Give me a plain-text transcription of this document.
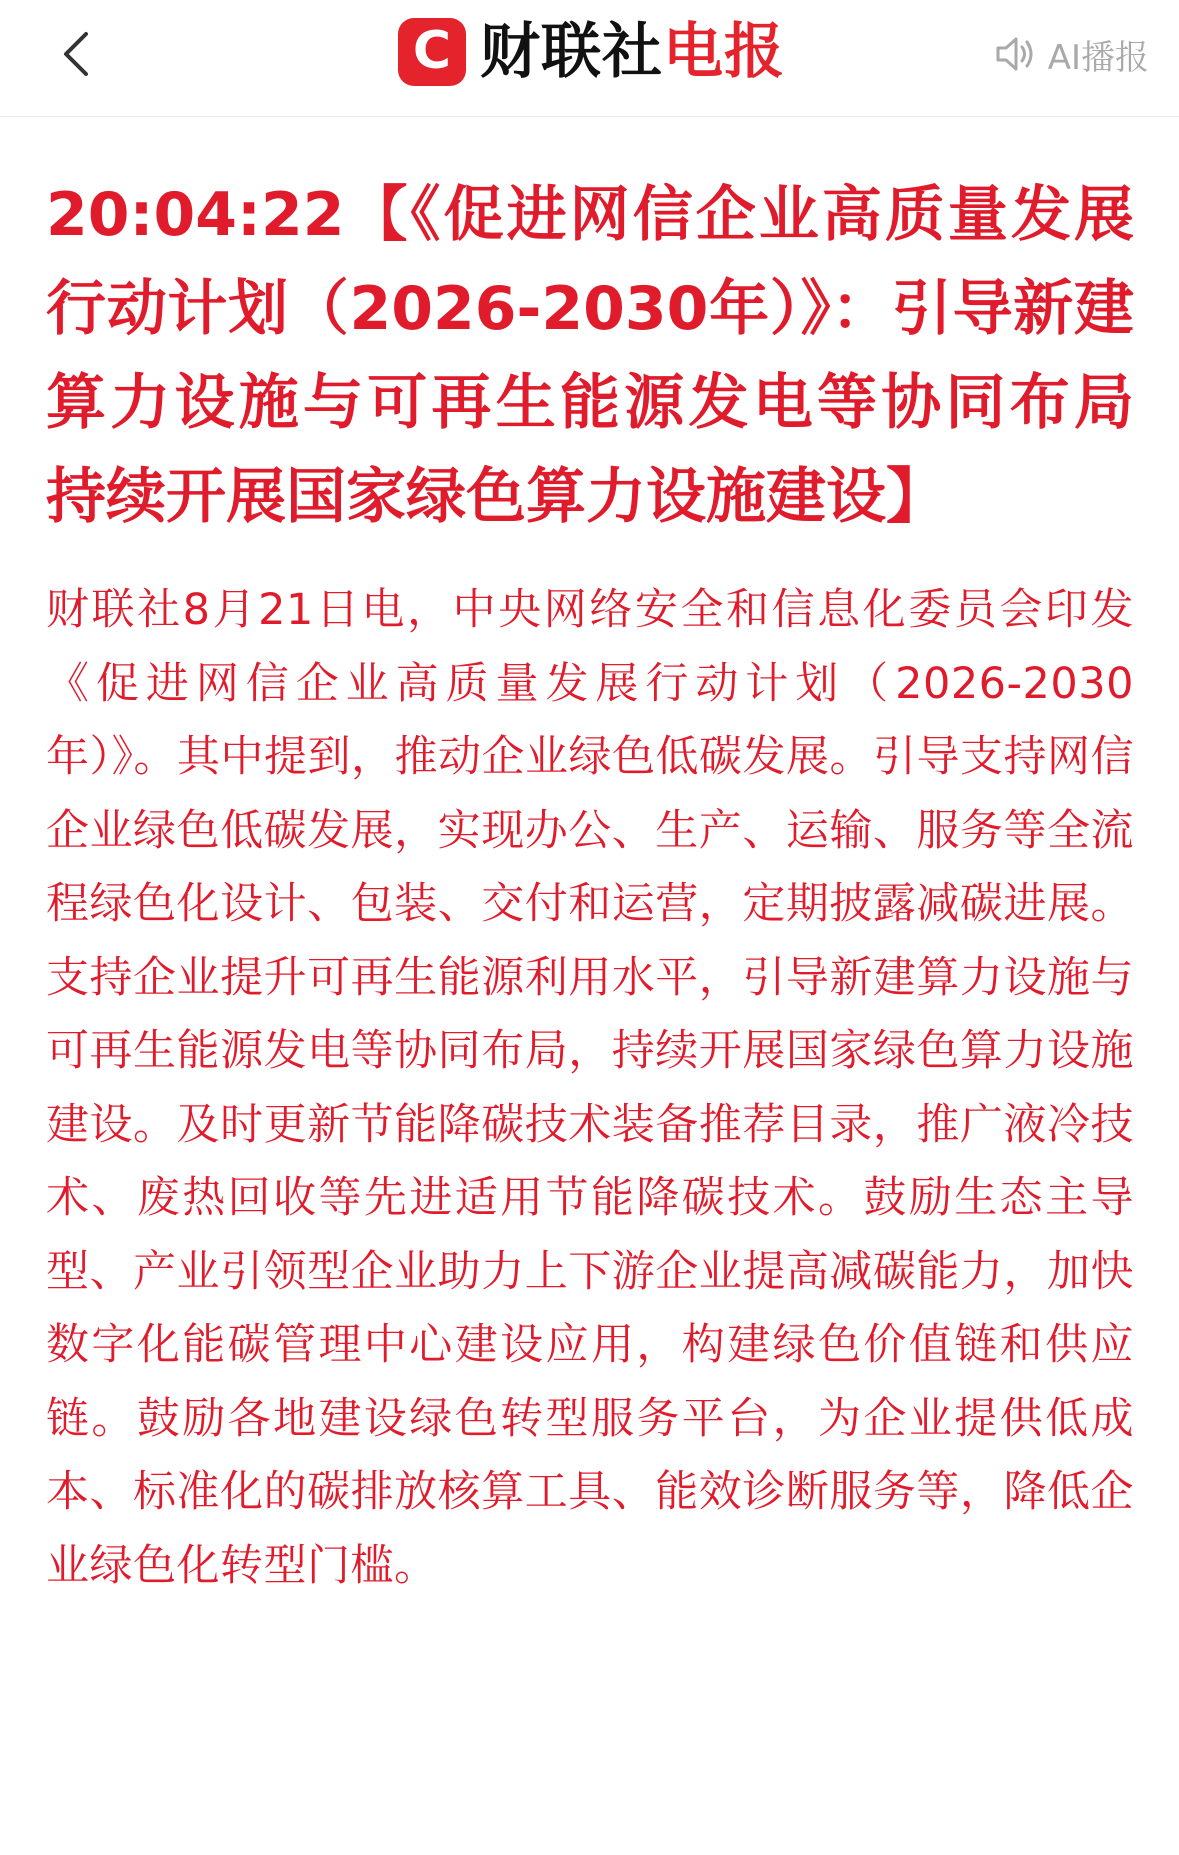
C 财联社 电报	AI播报
20:04:22【《促进网信企业高质量发展行动计划（2026-2030年）》：引导新建算力设施与可再生能源发电等协同布局 持续开展国家绿色算力设施建设】

财联社8月21日电，中央网络安全和信息化委员会印发《促进网信企业高质量发展行动计划（2026-2030年）》。其中提到，推动企业绿色低碳发展。引导支持网信企业绿色低碳发展，实现办公、生产、运输、服务等全流程绿色化设计、包装、交付和运营，定期披露减碳进展。支持企业提升可再生能源利用水平，引导新建算力设施与可再生能源发电等协同布局，持续开展国家绿色算力设施建设。及时更新节能降碳技术装备推荐目录，推广液冷技术、废热回收等先进适用节能降碳技术。鼓励生态主导型、产业引领型企业助力上下游企业提高减碳能力，加快数字化能碳管理中心建设应用，构建绿色价值链和供应链。鼓励各地建设绿色转型服务平台，为企业提供低成本、标准化的碳排放核算工具、能效诊断服务等，降低企业绿色化转型门槛。
